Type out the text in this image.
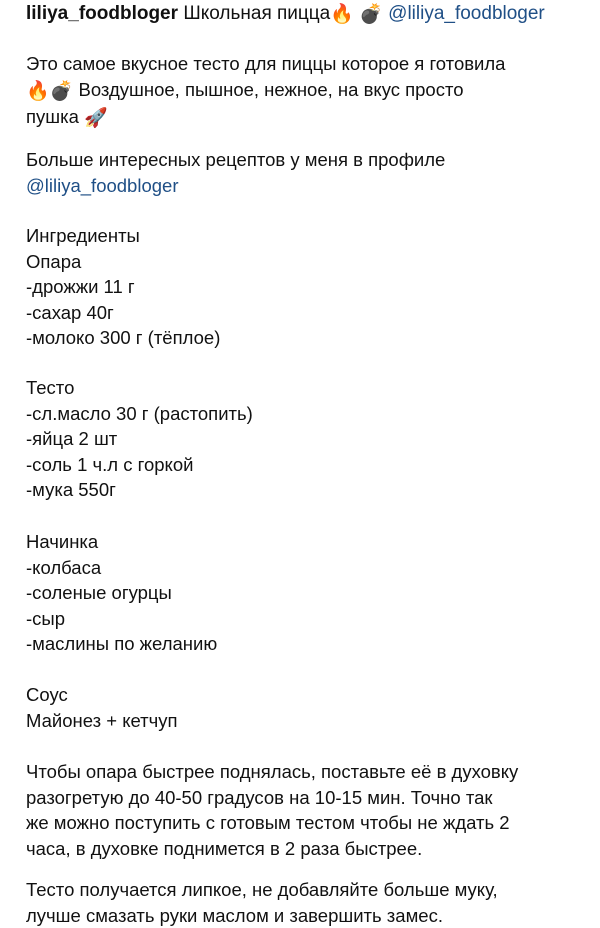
liliya_foodbloger Школьная пицца🔥 💣 @liliya_foodbloger
Это самое вкусное тесто для пиццы которое я готовила
🔥💣 Воздушное, пышное, нежное, на вкус просто
пушка 🚀
Больше интересных рецептов у меня в профиле
@liliya_foodbloger
Ингредиенты
Опара
-дрожжи 11 г
-сахар 40г
-молоко 300 г (тёплое)
Тесто
-сл.масло 30 г (растопить)
-яйца 2 шт
-соль 1 ч.л с горкой
-мука 550г
Начинка
-колбаса
-соленые огурцы
-сыр
-маслины по желанию
Соус
Майонез + кетчуп
Чтобы опара быстрее поднялась, поставьте её в духовку
разогретую до 40-50 градусов на 10-15 мин. Точно так
же можно поступить с готовым тестом чтобы не ждать 2
часа, в духовке поднимется в 2 раза быстрее.
Тесто получается липкое, не добавляйте больше муку,
лучше смазать руки маслом и завершить замес.
